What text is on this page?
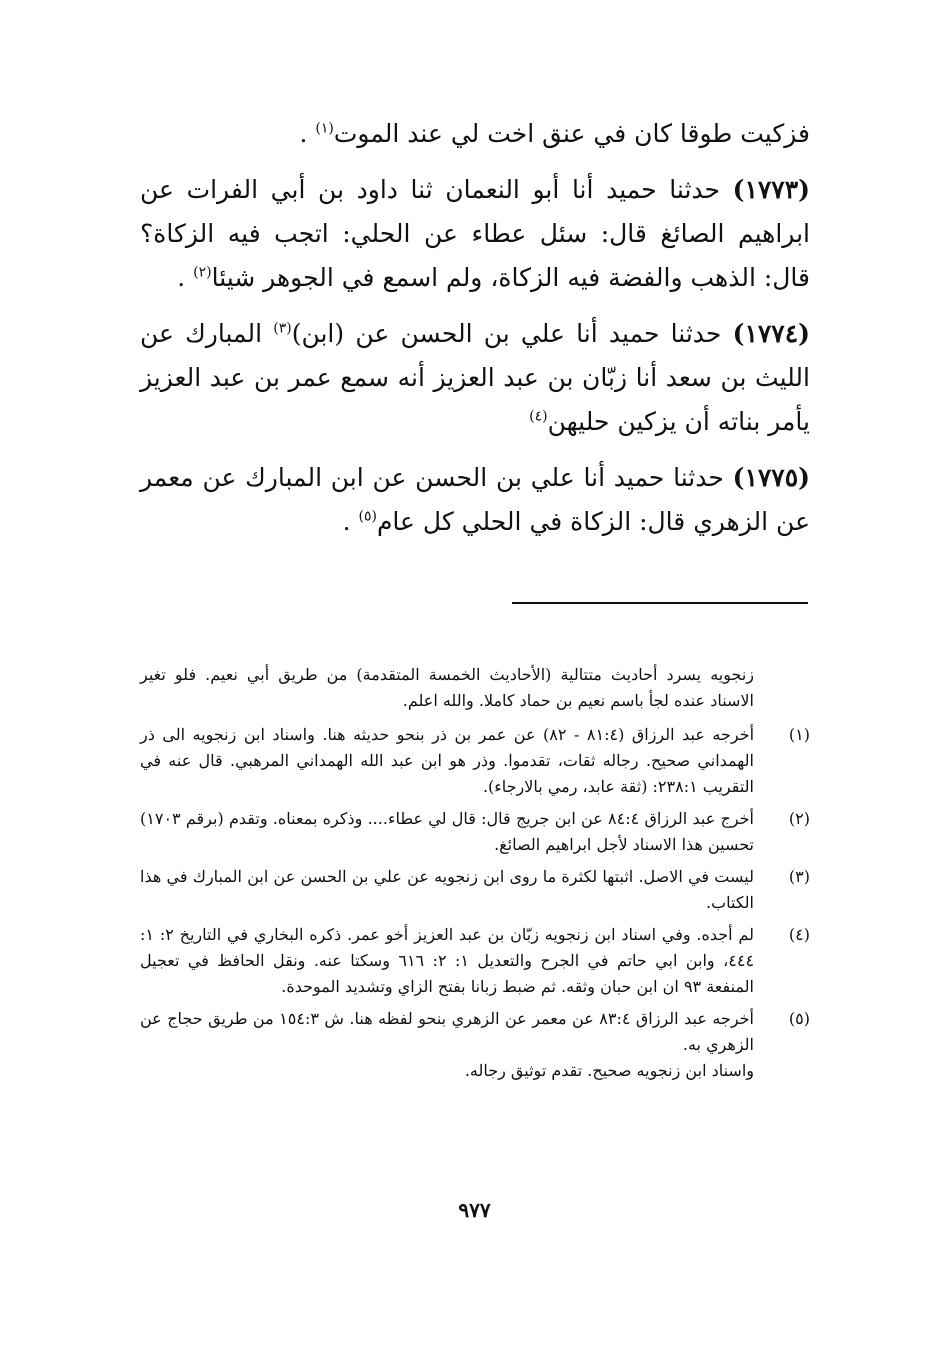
فزكيت طوقا كان في عنق اخت لي عند الموت$^{(١)}$ .

(١٧٧٣) حدثنا حميد أنا أبو النعمان ثنا داود بن أبي الفرات عن ابراهيم الصائغ قال: سئل عطاء عن الحلي: اتجب فيه الزكاة؟ قال: الذهب والفضة فيه الزكاة، ولم اسمع في الجوهر شيئا$^{(٢)}$ .

(١٧٧٤) حدثنا حميد أنا علي بن الحسن عن (ابن)$^{(٣)}$ المبارك عن الليث بن سعد أنا زبّان بن عبد العزيز أنه سمع عمر بن عبد العزيز يأمر بناته أن يزكين حليهن$^{(٤)}$

(١٧٧٥) حدثنا حميد أنا علي بن الحسن عن ابن المبارك عن معمر عن الزهري قال: الزكاة في الحلي كل عام$^{(٥)}$ .

زنجويه يسرد أحاديث متتالية (الأحاديث الخمسة المتقدمة) من طريق أبي نعيم. فلو تغير الاسناد عنده لجأ باسم نعيم بن حماد كاملا. والله اعلم.

(١)
أخرجه عبد الرزاق (٨١:٤ - ٨٢) عن عمر بن ذر بنحو حديثه هنا. واسناد ابن زنجويه الى ذر الهمداني صحيح. رجاله ثقات، تقدموا. وذر هو ابن عبد الله الهمداني المرهبي. قال عنه في التقريب ٢٣٨:١: (ثقة عابد، رمي بالارجاء).
(٢)
أخرج عبد الرزاق ٨٤:٤ عن ابن جريج قال: قال لي عطاء.... وذكره بمعناه. وتقدم (برقم ١٧٠٣) تحسين هذا الاسناد لأجل ابراهيم الصائغ.
(٣)
ليست في الاصل. اثبتها لكثرة ما روى ابن زنجويه عن علي بن الحسن عن ابن المبارك في هذا الكتاب.
(٤)
لم أجده. وفي اسناد ابن زنجويه زبّان بن عبد العزيز أخو عمر. ذكره البخاري في التاريخ ٢: ١: ٤٤٤، وابن ابي حاتم في الجرح والتعديل ١: ٢: ٦١٦ وسكتا عنه. ونقل الحافظ في تعجيل المنفعة ٩٣ ان ابن حبان وثقه. ثم ضبط زبانا بفتح الزاي وتشديد الموحدة.
(٥)

أخرجه عبد الرزاق ٨٣:٤ عن معمر عن الزهري بنحو لفظه هنا. ش ١٥٤:٣ من طريق حجاج عن الزهري به.

واسناد ابن زنجويه صحيح. تقدم توثيق رجاله.

٩٧٧
